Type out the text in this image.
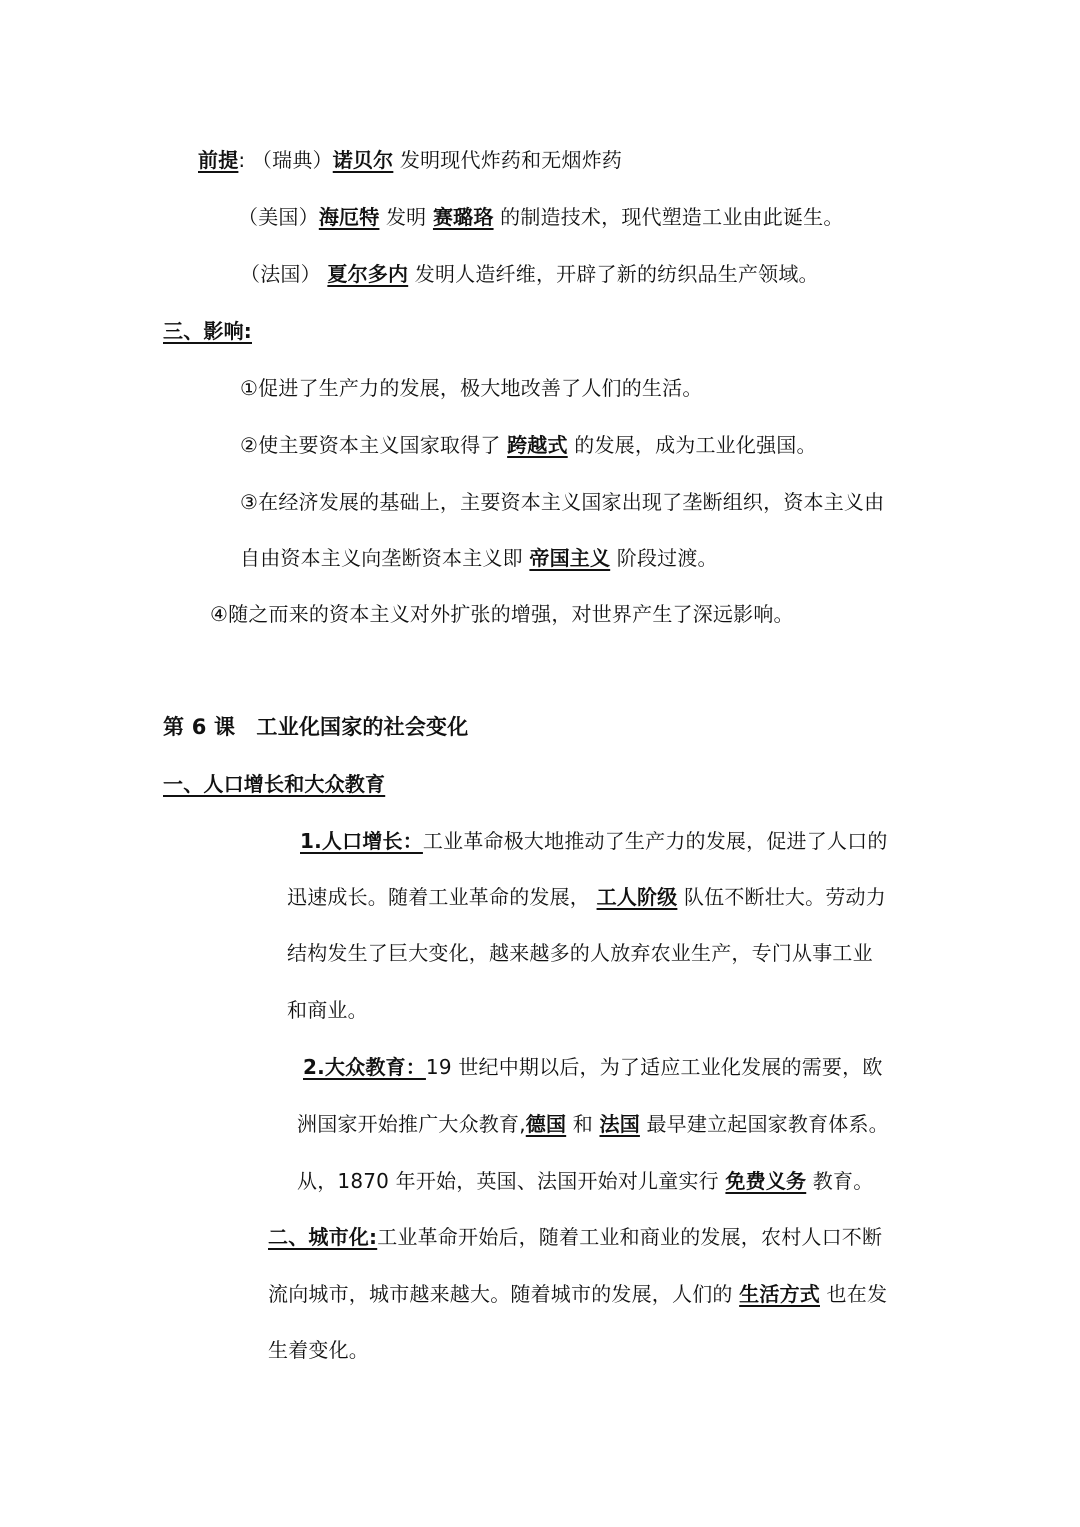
前提: （瑞典）诺贝尔 发明现代炸药和无烟炸药
（美国）海厄特 发明 赛璐珞 的制造技术，现代塑造工业由此诞生。
（法国） 夏尔多内 发明人造纤维，开辟了新的纺织品生产领域。
三、影响:
①促进了生产力的发展，极大地改善了人们的生活。
②使主要资本主义国家取得了 跨越式 的发展，成为工业化强国。
③在经济发展的基础上，主要资本主义国家出现了垄断组织，资本主义由
自由资本主义向垄断资本主义即 帝国主义 阶段过渡。
④随之而来的资本主义对外扩张的增强，对世界产生了深远影响。
第 6 课　工业化国家的社会变化
一、人口增长和大众教育
1.人口增长：工业革命极大地推动了生产力的发展，促进了人口的
迅速成长。随着工业革命的发展， 工人阶级 队伍不断壮大。劳动力
结构发生了巨大变化，越来越多的人放弃农业生产，专门从事工业
和商业。
2.大众教育：19 世纪中期以后，为了适应工业化发展的需要，欧
洲国家开始推广大众教育,德国 和 法国 最早建立起国家教育体系。
从，1870 年开始，英国、法国开始对儿童实行 免费义务 教育。
二、城市化:工业革命开始后，随着工业和商业的发展，农村人口不断
流向城市，城市越来越大。随着城市的发展，人们的 生活方式 也在发
生着变化。
